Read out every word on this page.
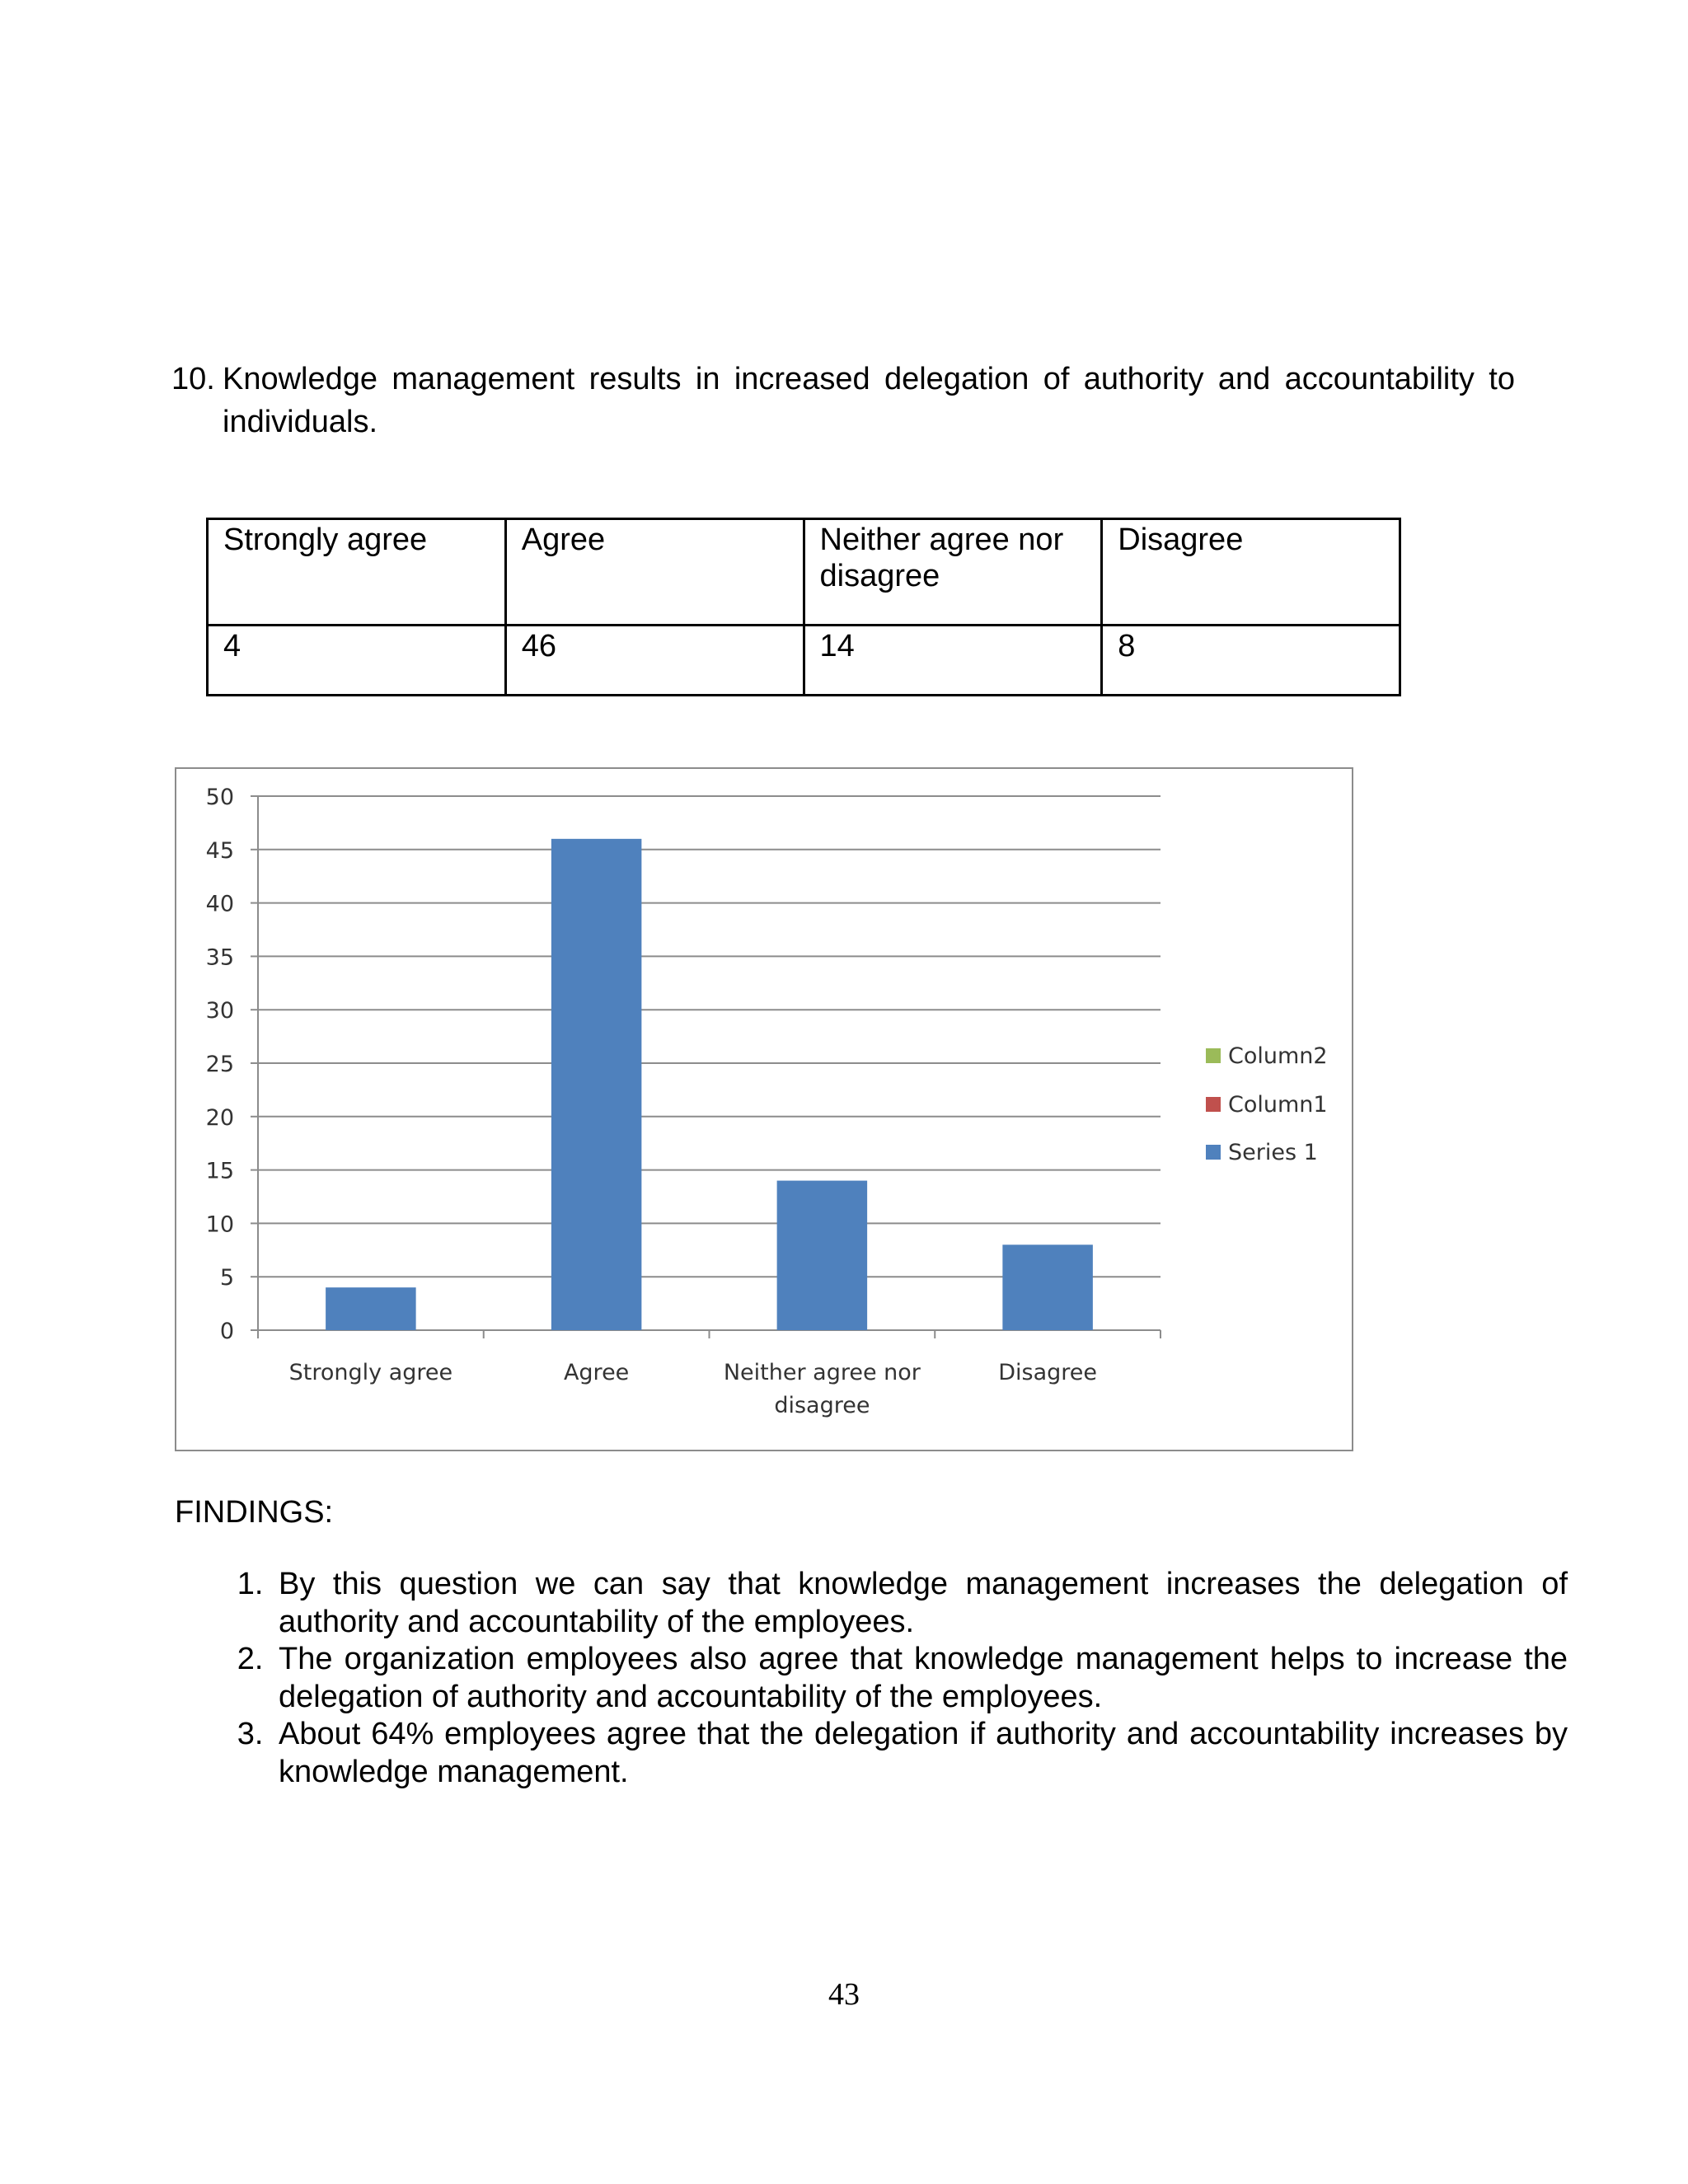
10. Knowledge management results in increased delegation of authority and accountability to individuals.
Strongly agree	Agree	Neither agree nor disagree	Disagree
4	46	14	8
0
5
10
15
20
25
30
35
40
45
50
Strongly agree	Agree	Neither agree nor
disagree
Disagree
Column2
Column1
Series 1
FINDINGS:
1. By this question we can say that knowledge management increases the delegation of authority and accountability of the employees.
2. The organization employees also agree that knowledge management helps to increase the delegation of authority and accountability of the employees.
3. About 64% employees agree that the delegation if authority and accountability increases by knowledge management.
43
